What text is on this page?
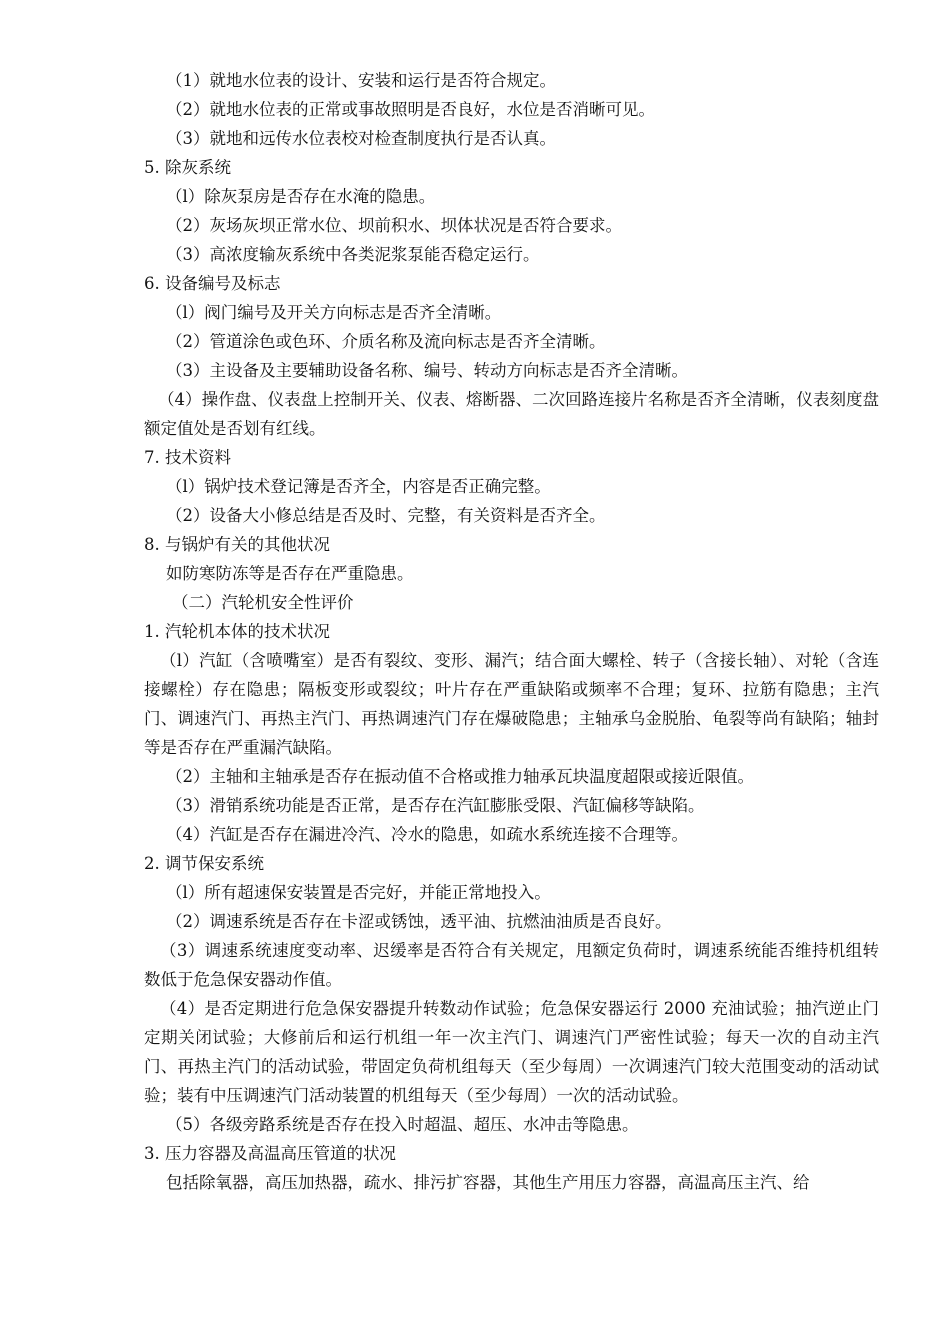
（1）就地水位表的设计、安装和运行是否符合规定。
（2）就地水位表的正常或事故照明是否良好，水位是否消晰可见。
（3）就地和远传水位表校对检查制度执行是否认真。
5. 除灰系统
（l）除灰泵房是否存在水淹的隐患。
（2）灰场灰坝正常水位、坝前积水、坝体状况是否符合要求。
（3）高浓度输灰系统中各类泥浆泵能否稳定运行。
6. 设备编号及标志
（l）阀门编号及开关方向标志是否齐全清晰。
（2）管道涂色或色环、介质名称及流向标志是否齐全清晰。
（3）主设备及主要辅助设备名称、编号、转动方向标志是否齐全清晰。
（4）操作盘、仪表盘上控制开关、仪表、熔断器、二次回路连接片名称是否齐全清晰，仪表刻度盘额定值处是否划有红线。
7. 技术资料
（l）锅炉技术登记簿是否齐全，内容是否正确完整。
（2）设备大小修总结是否及时、完整，有关资料是否齐全。
8. 与锅炉有关的其他状况
如防寒防冻等是否存在严重隐患。
（二）汽轮机安全性评价
1. 汽轮机本体的技术状况
（l）汽缸（含喷嘴室）是否有裂纹、变形、漏汽；结合面大螺栓、转子（含接长轴）、对轮（含连接螺栓）存在隐患；隔板变形或裂纹；叶片存在严重缺陷或频率不合理；复环、拉筋有隐患；主汽门、调速汽门、再热主汽门、再热调速汽门存在爆破隐患；主轴承乌金脱胎、龟裂等尚有缺陷；轴封等是否存在严重漏汽缺陷。
（2）主轴和主轴承是否存在振动值不合格或推力轴承瓦块温度超限或接近限值。
（3）滑销系统功能是否正常，是否存在汽缸膨胀受限、汽缸偏移等缺陷。
（4）汽缸是否存在漏进冷汽、冷水的隐患，如疏水系统连接不合理等。
2. 调节保安系统
（l）所有超速保安装置是否完好，并能正常地投入。
（2）调速系统是否存在卡涩或锈蚀，透平油、抗燃油油质是否良好。
（3）调速系统速度变动率、迟缓率是否符合有关规定，甩额定负荷时，调速系统能否维持机组转数低于危急保安器动作值。
（4）是否定期进行危急保安器提升转数动作试验；危急保安器运行 2000 充油试验；抽汽逆止门定期关闭试验；大修前后和运行机组一年一次主汽门、调速汽门严密性试验；每天一次的自动主汽门、再热主汽门的活动试验，带固定负荷机组每天（至少每周）一次调速汽门较大范围变动的活动试验；装有中压调速汽门活动装置的机组每天（至少每周）一次的活动试验。
（5）各级旁路系统是否存在投入时超温、超压、水冲击等隐患。
3. 压力容器及高温高压管道的状况
包括除氧器，高压加热器，疏水、排污扩容器，其他生产用压力容器，高温高压主汽、给
